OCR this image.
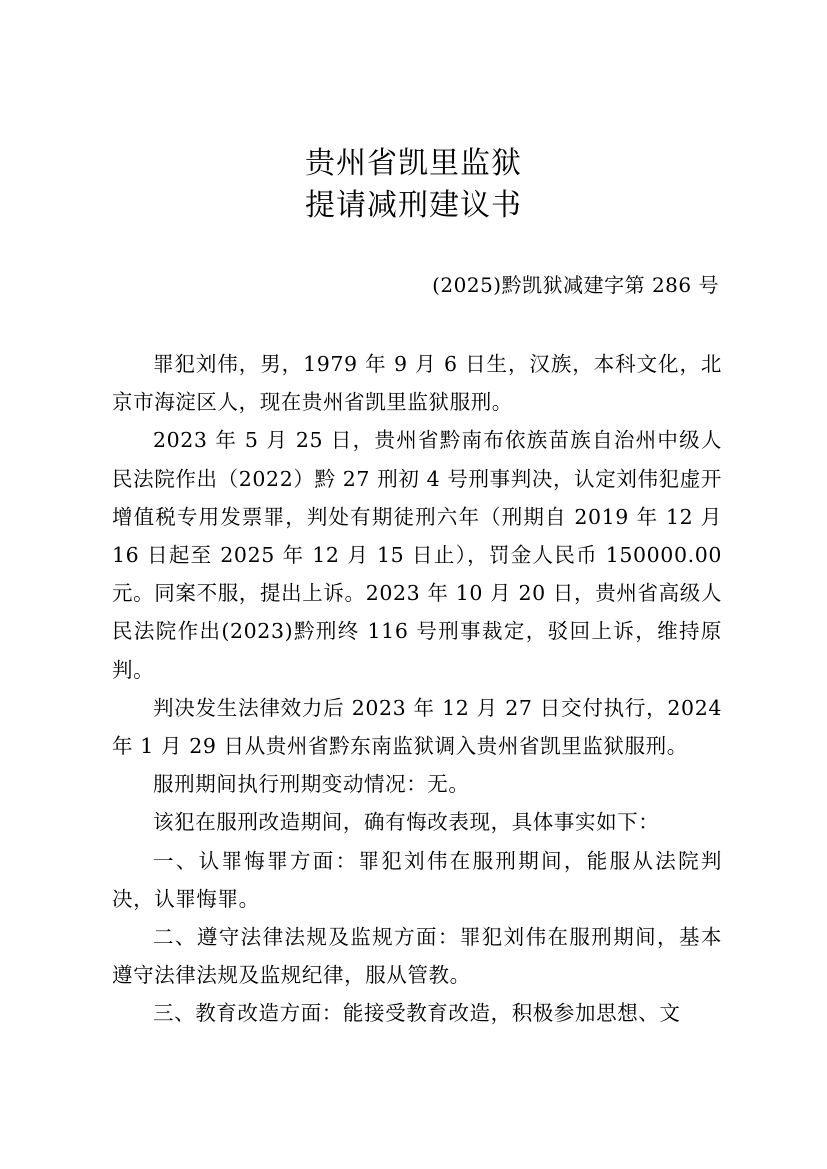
贵州省凯里监狱
提请减刑建议书
(2025)黔凯狱减建字第 286 号

罪犯刘伟，男，1979 年 9 月 6 日生，汉族，本科文化，北京市海淀区人，现在贵州省凯里监狱服刑。

2023 年 5 月 25 日，贵州省黔南布依族苗族自治州中级人民法院作出（2022）黔 27 刑初 4 号刑事判决，认定刘伟犯虚开增值税专用发票罪，判处有期徒刑六年（刑期自 2019 年 12 月 16 日起至 2025 年 12 月 15 日止），罚金人民币 150000.00 元。同案不服，提出上诉。2023 年 10 月 20 日，贵州省高级人民法院作出(2023)黔刑终 116 号刑事裁定，驳回上诉，维持原判。

判决发生法律效力后 2023 年 12 月 27 日交付执行，2024 年 1 月 29 日从贵州省黔东南监狱调入贵州省凯里监狱服刑。

服刑期间执行刑期变动情况：无。

该犯在服刑改造期间，确有悔改表现，具体事实如下：

一、认罪悔罪方面：罪犯刘伟在服刑期间，能服从法院判决，认罪悔罪。

二、遵守法律法规及监规方面：罪犯刘伟在服刑期间，基本遵守法律法规及监规纪律，服从管教。

三、教育改造方面：能接受教育改造，积极参加思想、文
